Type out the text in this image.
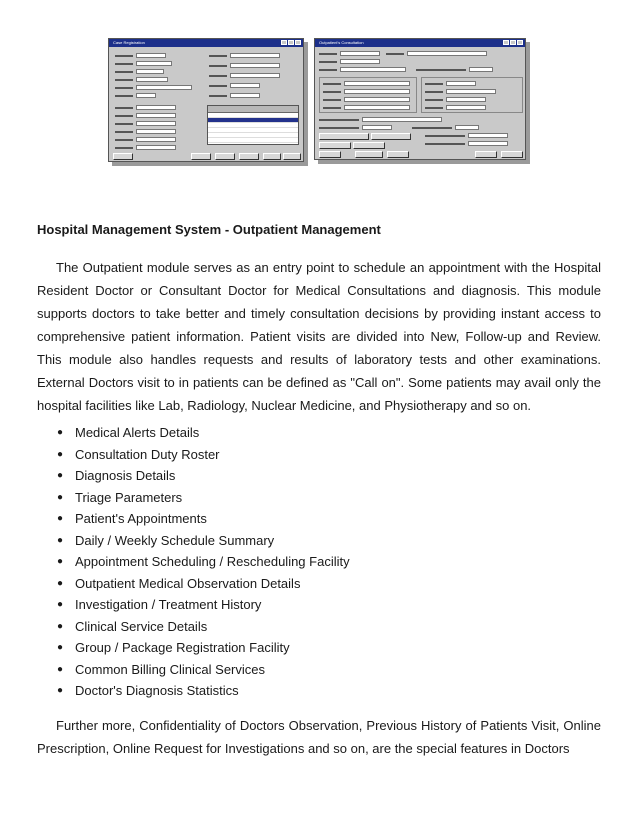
Case Registration	Outpatient's Consultation
Hospital Management System - Outpatient Management

The Outpatient module serves as an entry point to schedule an appointment with the Hospital Resident Doctor or Consultant Doctor for Medical Consultations and diagnosis. This module supports doctors to take better and timely consultation decisions by providing instant access to comprehensive patient information. Patient visits are divided into New, Follow-up and Review. This module also handles requests and results of laboratory tests and other examinations. External Doctors visit to in patients can be defined as "Call on". Some patients may avail only the hospital facilities like Lab, Radiology, Nuclear Medicine, and Physiotherapy and so on.

● Medical Alerts Details
● Consultation Duty Roster
● Diagnosis Details
● Triage Parameters
● Patient's Appointments
● Daily / Weekly Schedule Summary
● Appointment Scheduling / Rescheduling Facility
● Outpatient Medical Observation Details
● Investigation / Treatment History
● Clinical Service Details
● Group / Package Registration Facility
● Common Billing Clinical Services
● Doctor's Diagnosis Statistics

Further more, Confidentiality of Doctors Observation, Previous History of Patients Visit, Online Prescription, Online Request for Investigations and so on, are the special features in Doctors
